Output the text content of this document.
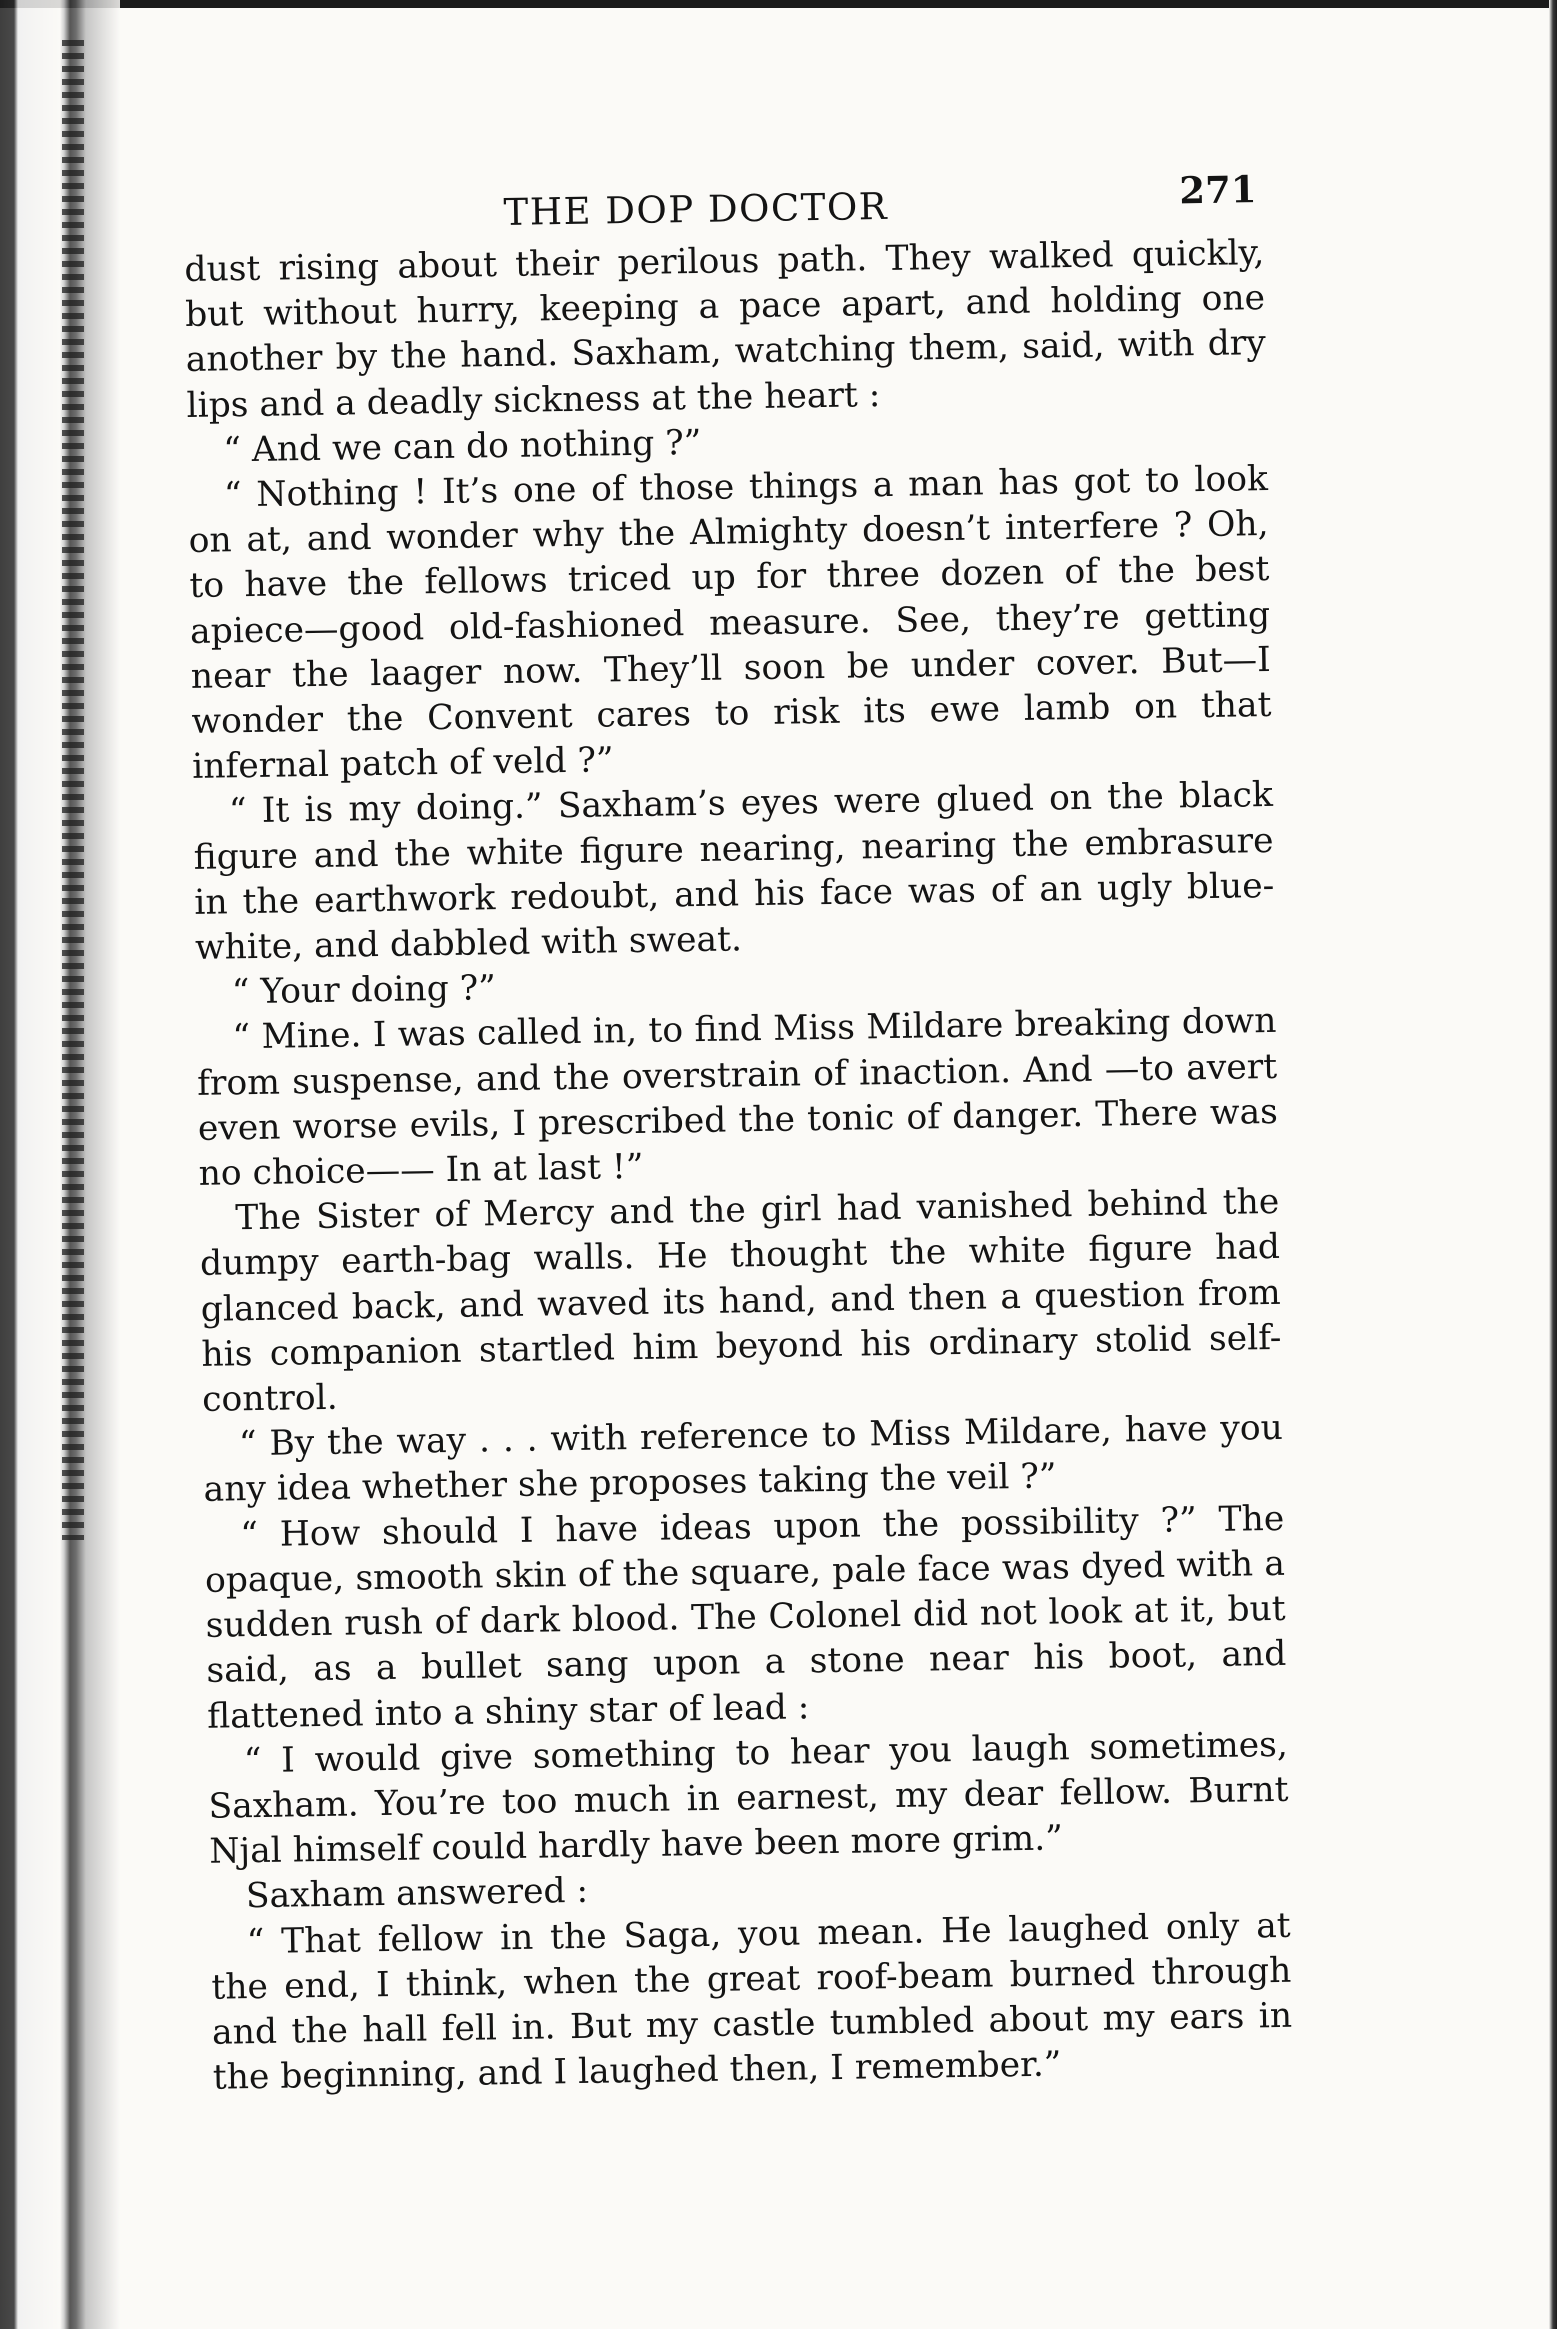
THE DOP DOCTOR	271

dust rising about their perilous path. They walked quickly, but without hurry, keeping a pace apart, and holding one another by the hand. Saxham, watching them, said, with dry lips and a deadly sickness at the heart :

“ And we can do nothing ?”

“ Nothing ! It’s one of those things a man has got to look on at, and wonder why the Almighty doesn’t interfere ? Oh, to have the fellows triced up for three dozen of the best apiece—good old-fashioned measure. See, they’re getting near the laager now. They’ll soon be under cover. But—I wonder the Convent cares to risk its ewe lamb on that infernal patch of veld ?”

“ It is my doing.” Saxham’s eyes were glued on the black figure and the white figure nearing, nearing the embrasure in the earthwork redoubt, and his face was of an ugly blue-white, and dabbled with sweat.

“ Your doing ?”

“ Mine. I was called in, to find Miss Mildare breaking down from suspense, and the overstrain of inaction. And —to avert even worse evils, I prescribed the tonic of danger. There was no choice—— In at last !”

The Sister of Mercy and the girl had vanished behind the dumpy earth-bag walls. He thought the white figure had glanced back, and waved its hand, and then a question from his companion startled him beyond his ordinary stolid self-control.

“ By the way . . . with reference to Miss Mildare, have you any idea whether she proposes taking the veil ?”

“ How should I have ideas upon the possibility ?” The opaque, smooth skin of the square, pale face was dyed with a sudden rush of dark blood. The Colonel did not look at it, but said, as a bullet sang upon a stone near his boot, and flattened into a shiny star of lead :

“ I would give something to hear you laugh sometimes, Saxham. You’re too much in earnest, my dear fellow. Burnt Njal himself could hardly have been more grim.”

Saxham answered :

“ That fellow in the Saga, you mean. He laughed only at the end, I think, when the great roof-beam burned through and the hall fell in. But my castle tumbled about my ears in the beginning, and I laughed then, I remember.”
